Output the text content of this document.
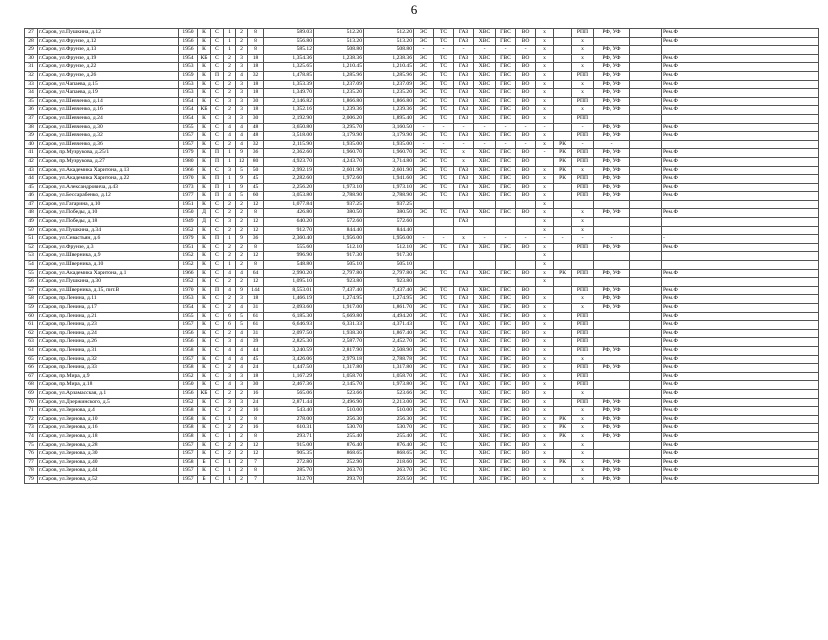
6
27	г.Саров, ул.Пушкина, д.12	1950	К	С	1	2	8	589.03	512.20	512.20	ЭС	ТС	ГАЗ	ХВС	ГВС	ВО	х		РПП	РФ, УФ		Рем.Ф
28	г.Саров, ул.Фрунзе, д.12	1956	К	С	1	2	8	556.80	513.20	513.20	ЭС	ТС	ГАЗ	ХВС	ГВС	ВО	х		х			Рем.Ф
29	г.Саров, ул.Фрунзе, д.13	1956	К	С	1	2	8	585.12	508.80	508.80	-	-	-	-	-	-	х		х	РФ, УФ		
30	г.Саров, ул.Фрунзе, д.19	1954	КБ	С	2	3	18	1,354.36	1,238.36	1,238.36	ЭС	ТС	ГАЗ	ХВС	ГВС	ВО	х		х	РФ, УФ		Рем.Ф
31	г.Саров, ул.Фрунзе, д.22	1953	К	С	2	3	18	1,325.65	1,210.45	1,210.45	ЭС	ТС	ГАЗ	ХВС	ГВС	ВО	х		х	РФ, УФ		Рем.Ф
32	г.Саров, ул.Фрунзе, д.26	1959	К	П	2	4	32	1,478.85	1,285.96	1,285.96	ЭС	ТС	ГАЗ	ХВС	ГВС	ВО	х		РПП	РФ, УФ		Рем.Ф
33	г.Саров, ул.Чапаева, д.15	1953	К	С	2	3	18	1,353.39	1,237.09	1,237.09	ЭС	ТС	ГАЗ	ХВС	ГВС	ВО	х		х	РФ, УФ		Рем.Ф
34	г.Саров, ул.Чапаева, д.19	1953	К	С	2	3	18	1,349.70	1,235.20	1,235.20	ЭС	ТС	ГАЗ	ХВС	ГВС	ВО	х		х	РФ, УФ		Рем.Ф
35	г.Саров, ул.Шевченко, д.14	1954	К	С	3	3	30	2,146.82	1,866.80	1,866.80	ЭС	ТС	ГАЗ	ХВС	ГВС	ВО	х		РПП	РФ, УФ		Рем.Ф
36	г.Саров, ул.Шевченко, д.16	1954	КБ	С	2	3	18	1,352.16	1,239.36	1,239.36	ЭС	ТС	ГАЗ	ХВС	ГВС	ВО	х		х	РФ, УФ		Рем.Ф
37	г.Саров, ул.Шевченко, д.24	1954	К	С	3	3	30	2,192.90	2,006.20	1,895.40	ЭС	ТС	ГАЗ	ХВС	ГВС	ВО	х		РПП			
38	г.Саров, ул.Шевченко, д.30	1955	К	С	4	4	48	3,650.80	3,295.70	3,160.50	-	-	-	-	-	-	-		-	РФ, УФ		Рем.Ф
39	г.Саров, ул.Шевченко, д.32	1957	К	С	4	4	48	3,518.00	3,179.90	3,179.90	ЭС	ТС	ГАЗ	ХВС	ГВС	ВО	х		РПП	РФ, УФ		Рем.Ф
40	г.Саров, ул.Шевченко, д.36	1957	К	С	2	4	32	2,115.90	1,935.00	1,935.00	-	-	-	-	-	-	х	РК	-	-		
41	г.Саров, пр.Музрукова, д.25/1	1979	К	П	1	9	36	2,362.60	1,960.70	1,960.70	ЭС	ТС	х	ХВС	ГВС	ВО	-	РК	РПП	РФ, УФ		Рем.Ф
42	г.Саров, пр.Музрукова, д.27	1980	К	П	1	12	80	4,923.70	4,243.70	3,714.80	ЭС	ТС	х	ХВС	ГВС	ВО		РК	РПП	РФ, УФ		Рем.Ф
43	г.Саров, ул.Академика Харитона, д.13	1966	К	С	3	5	50	2,992.19	2,601.90	2,601.90	ЭС	ТС	ГАЗ	ХВС	ГВС	ВО	х	РК	х	РФ, УФ		Рем.Ф
44	г.Саров, ул.Академика Харитона, д.22	1970	К	П	1	9	45	2,282.60	1,972.60	1,941.60	ЭС	ТС	ГАЗ	ХВС	ГВС	ВО	х	РК	РПП	РФ, УФ		Рем.Ф
45	г.Саров, ул.Александровича, д.43	1973	К	П	1	9	45	2,256.20	1,973.10	1,973.10	ЭС	ТС	ГАЗ	ХВС	ГВС	ВО	х		РПП	РФ, УФ		Рем.Ф
46	г.Саров, ул.Бессарабенко, д.12	1977	К	П	4	5	60	3,053.80	2,788.90	2,788.90	ЭС	ТС	ГАЗ	ХВС	ГВС	ВО	х		РПП	РФ, УФ		Рем.Ф
47	г.Саров, ул.Гагарина, д.10	1951	К	С	2	2	12	1,077.84	937.25	937.25							х					
48	г.Саров, ул.Победы, д.10	1950	Д	С	2	2	8	426.80	380.50	380.50	ЭС	ТС	ГАЗ	ХВС	ГВС	ВО	х		х	РФ, УФ		Рем.Ф
49	г.Саров, ул.Победы, д.18	1949	Д	С	3	2	12	640.20	572.60	572.60			ГАЗ				х		х			
50	г.Саров, ул.Пушкина, д.34	1952	К	С	2	2	12	912.70	844.40	844.40							х		х			
51	г.Саров, ул.Севастьян, д.6	1979	К	П	1	9	36	2,360.40	1,956.00	1,956.00	-	-	х	-	-	-	-	-	-	-		-
52	г.Саров, ул.Фрунзе, д.3	1951	К	С	2	2	8	555.60	512.10	512.10	ЭС	ТС	ГАЗ	ХВС	ГВС	ВО	х		РПП	РФ, УФ		Рем.Ф
53	г.Саров, ул.Шверника, д.9	1952	К	С	2	2	12	996.90	917.30	917.30							х					
54	г.Саров, ул.Шверника, д.10	1952	К	С	1	2	8	548.80	505.10	505.10							х					
55	г.Саров, ул.Академика Харитона, д.1	1966	К	С	4	4	64	2,990.20	2,797.80	2,797.80	ЭС	ТС	ГАЗ	ХВС	ГВС	ВО	х	РК	РПП	РФ, УФ		Рем.Ф
56	г.Саров, ул.Пушкина, д.30	1952	К	С	2	2	12	1,095.10	923.80	923.80							х					
57	г.Саров, ул.Шверника, д.15, пит.В	1970	К	П	4	9	144	8,553.01	7,437.40	7,437.40	ЭС	ТС	ГАЗ	ХВС	ГВС	ВО			РПП	РФ, УФ		Рем.Ф
58	г.Саров, пр.Ленина, д.11	1953	К	С	2	3	18	1,466.19	1,274.95	1,274.95	ЭС	ТС	ГАЗ	ХВС	ГВС	ВО	х		х	РФ, УФ		Рем.Ф
59	г.Саров, пр.Ленина, д.17	1954	К	С	2	4	31	2,093.60	1,917.00	1,861.70	ЭС	ТС	ГАЗ	ХВС	ГВС	ВО	х		х	РФ, УФ		Рем.Ф
60	г.Саров, пр.Ленина, д.21	1955	К	С	6	5	61	6,185.30	5,669.80	4,494.20	ЭС	ТС	ГАЗ	ХВС	ГВС	ВО	х		РПП			Рем.Ф
61	г.Саров, пр.Ленина, д.23	1957	К	С	6	5	61	6,646.93	6,331.33	4,371.43		ТС	ГАЗ	ХВС	ГВС	ВО	х		РПП			Рем.Ф
62	г.Саров, пр.Ленина, д.24	1956	К	С	2	4	31	2,097.50	1,938.30	1,867.40	ЭС	ТС	ГАЗ	ХВС	ГВС	ВО	х		РПП			Рем.Ф
63	г.Саров, пр.Ленина, д.26	1956	К	С	3	4	39	2,825.30	2,587.70	2,452.70	ЭС	ТС	ГАЗ	ХВС	ГВС	ВО	х		РПП			Рем.Ф
64	г.Саров, пр.Ленина, д.31	1958	К	С	4	4	44	3,240.59	2,817.90	2,508.90	ЭС	ТС	ГАЗ	ХВС	ГВС	ВО	х		РПП	РФ, УФ		Рем.Ф
65	г.Саров, пр.Ленина, д.32	1957	К	С	4	4	45	3,426.06	2,979.18	2,788.78	ЭС	ТС	ГАЗ	ХВС	ГВС	ВО	х		х			Рем.Ф
66	г.Саров, пр.Ленина, д.33	1958	К	С	2	4	24	1,447.50	1,317.80	1,317.80	ЭС	ТС	ГАЗ	ХВС	ГВС	ВО	х		РПП	РФ, УФ		Рем.Ф
67	г.Саров, пр.Мира, д.9	1952	К	С	3	3	18	1,167.29	1,058.70	1,058.70	ЭС	ТС	ГАЗ	ХВС	ГВС	ВО	х		РПП			Рем.Ф
68	г.Саров, пр.Мира, д.18	1950	К	С	4	3	30	2,467.36	2,145.70	1,973.80	ЭС	ТС	ГАЗ	ХВС	ГВС	ВО	х		РПП			Рем.Ф
69	г.Саров, ул.Арзамасская, д.1	1956	КБ	С	2	2	16	565.06	523.66	523.66	ЭС	ТС		ХВС	ГВС	ВО	х		х			Рем.Ф
70	г.Саров, ул.Дзержинского, д.5	1952	К	С	3	3	24	2,871.44	2,496.90	2,213.00	ЭС	ТС	ГАЗ	ХВС	ГВС	ВО	х		РПП	РФ, УФ		Рем.Ф
71	г.Саров, ул.Зернова, д.4	1958	К	С	2	2	16	543.40	510.00	510.00	ЭС	ТС		ХВС	ГВС	ВО	х		х	РФ, УФ		Рем.Ф
72	г.Саров, ул.Зернова, д.10	1958	К	С	1	2	8	278.00	256.30	256.30	ЭС	ТС		ХВС	ГВС	ВО	х	РК	х	РФ, УФ		Рем.Ф
73	г.Саров, ул.Зернова, д.16	1958	К	С	2	2	16	610.31	530.70	530.70	ЭС	ТС		ХВС	ГВС	ВО	х	РК	х	РФ, УФ		Рем.Ф
74	г.Саров, ул.Зернова, д.18	1958	К	С	1	2	8	293.71	255.40	255.40	ЭС	ТС		ХВС	ГВС	ВО	х	РК	х	РФ, УФ		Рем.Ф
75	г.Саров, ул.Зернова, д.28	1957	К	С	2	2	12	915.00	876.40	876.40	ЭС	ТС		ХВС	ГВС	ВО	х		х			Рем.Ф
76	г.Саров, ул.Зернова, д.30	1957	К	С	2	2	12	905.35	868.65	868.65	ЭС	ТС		ХВС	ГВС	ВО	х		х			Рем.Ф
77	г.Саров, ул.Зернова, д.40	1958	Б	С	1	2	7	272.80	252.90	218.60	ЭС	ТС		ХВС	ГВС	ВО	х	РК	х	РФ, УФ		Рем.Ф
78	г.Саров, ул.Зернова, д.44	1957	К	С	1	2	8	285.70	263.70	263.70	ЭС	ТС		ХВС	ГВС	ВО	х		х	РФ, УФ		Рем.Ф
79	г.Саров, ул.Зернова, д.52	1957	Б	С	1	2	7	312.70	293.70	259.50	ЭС	ТС		ХВС	ГВС	ВО	х		х	РФ, УФ		Рем.Ф
